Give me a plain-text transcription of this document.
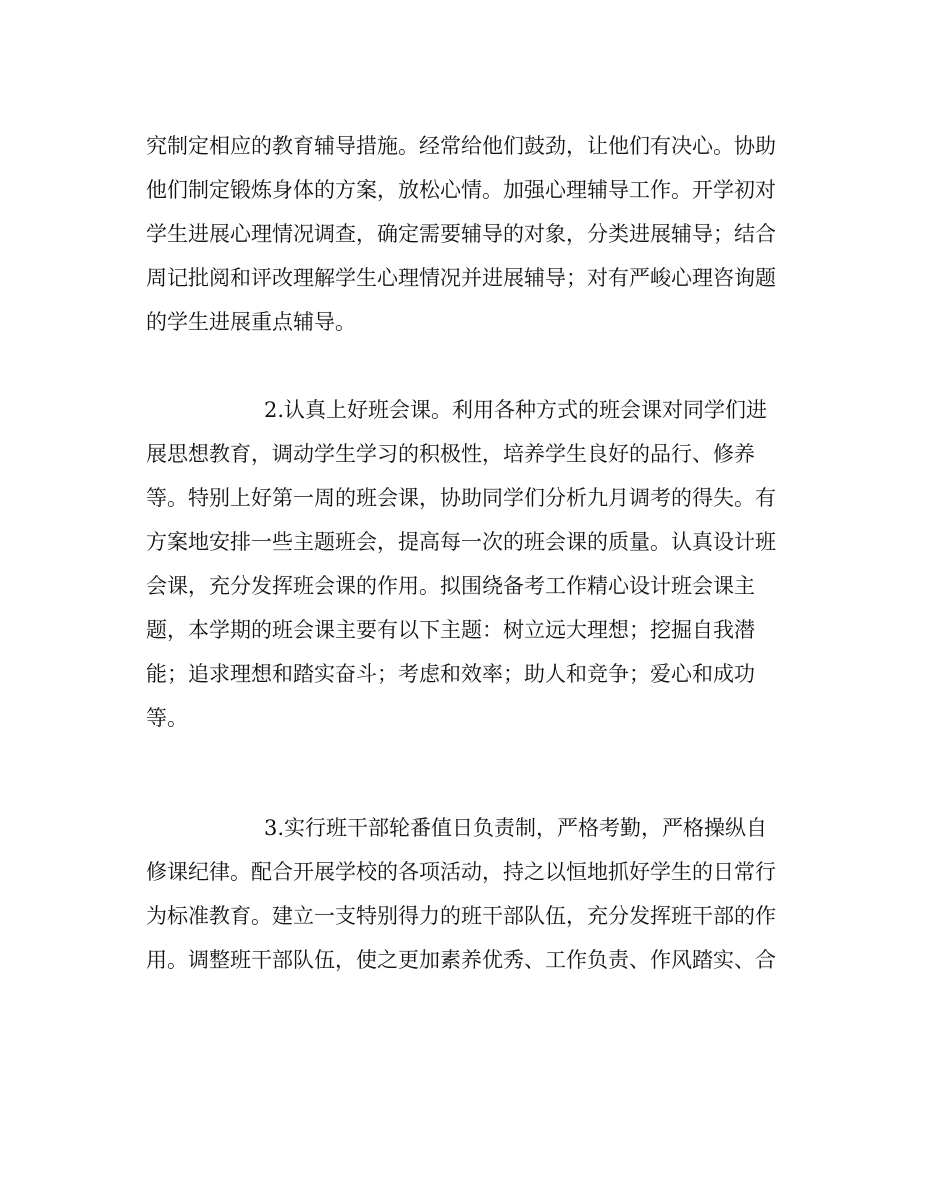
究制定相应的教育辅导措施。经常给他们鼓劲，让他们有决心。协助
他们制定锻炼身体的方案，放松心情。加强心理辅导工作。开学初对
学生进展心理情况调查，确定需要辅导的对象，分类进展辅导；结合
周记批阅和评改理解学生心理情况并进展辅导；对有严峻心理咨询题
的学生进展重点辅导。
2.认真上好班会课。利用各种方式的班会课对同学们进
展思想教育，调动学生学习的积极性，培养学生良好的品行、修养
等。特别上好第一周的班会课，协助同学们分析九月调考的得失。有
方案地安排一些主题班会，提高每一次的班会课的质量。认真设计班
会课，充分发挥班会课的作用。拟围绕备考工作精心设计班会课主
题，本学期的班会课主要有以下主题：树立远大理想；挖掘自我潜
能；追求理想和踏实奋斗；考虑和效率；助人和竞争；爱心和成功
等。
3.实行班干部轮番值日负责制，严格考勤，严格操纵自
修课纪律。配合开展学校的各项活动，持之以恒地抓好学生的日常行
为标准教育。建立一支特别得力的班干部队伍，充分发挥班干部的作
用。调整班干部队伍，使之更加素养优秀、工作负责、作风踏实、合
